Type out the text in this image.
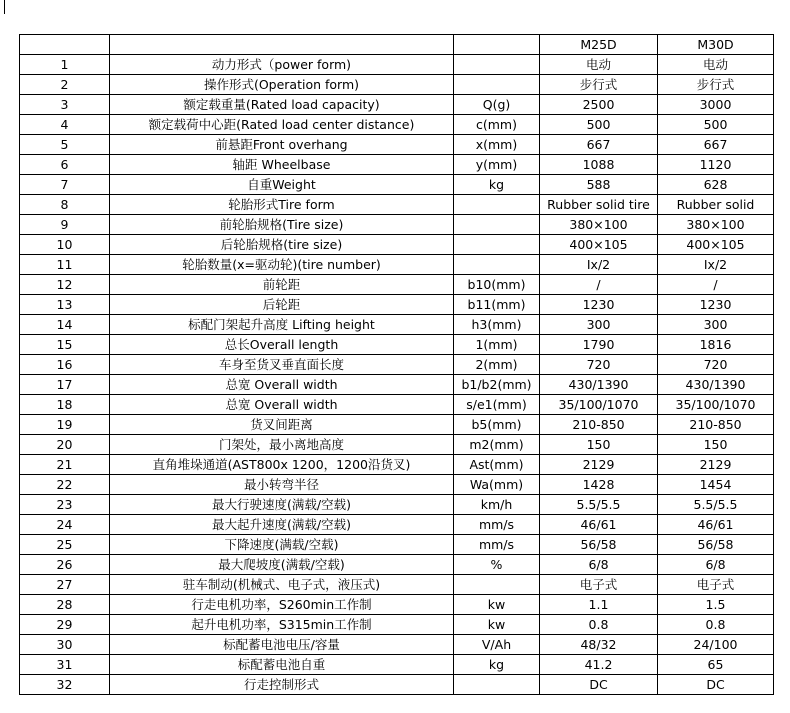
			M25D	M30D
1	动力形式（power form)		电动	电动
2	操作形式(Operation form)		步行式	步行式
3	额定载重量(Rated load capacity)	Q(g)	2500	3000
4	额定载荷中心距(Rated load center distance)	c(mm)	500	500
5	前悬距Front overhang	x(mm)	667	667
6	轴距 Wheelbase	y(mm)	1088	1120
7	自重Weight	kg	588	628
8	轮胎形式Tire form		Rubber solid tire	Rubber solid
9	前轮胎规格(Tire size)		380×100	380×100
10	后轮胎规格(tire size)		400×105	400×105
11	轮胎数量(x=驱动轮)(tire number)		Ix/2	Ix/2
12	前轮距	b10(mm)	/	/
13	后轮距	b11(mm)	1230	1230
14	标配门架起升高度 Lifting height	h3(mm)	300	300
15	总长Overall length	1(mm)	1790	1816
16	车身至货叉垂直面长度	2(mm)	720	720
17	总宽 Overall width	b1/b2(mm)	430/1390	430/1390
18	总宽 Overall width	s/e1(mm)	35/100/1070	35/100/1070
19	货叉间距离	b5(mm)	210-850	210-850
20	门架处，最小离地高度	m2(mm)	150	150
21	直角堆垛通道(AST800x 1200，1200沿货叉)	Ast(mm)	2129	2129
22	最小转弯半径	Wa(mm)	1428	1454
23	最大行驶速度(满载/空载)	km/h	5.5/5.5	5.5/5.5
24	最大起升速度(满载/空载)	mm/s	46/61	46/61
25	下降速度(满载/空载)	mm/s	56/58	56/58
26	最大爬坡度(满载/空载)	%	6/8	6/8
27	驻车制动(机械式、电子式，液压式)		电子式	电子式
28	行走电机功率，S260min工作制	kw	1.1	1.5
29	起升电机功率，S315min工作制	kw	0.8	0.8
30	标配蓄电池电压/容量	V/Ah	48/32	24/100
31	标配蓄电池自重	kg	41.2	65
32	行走控制形式		DC	DC
